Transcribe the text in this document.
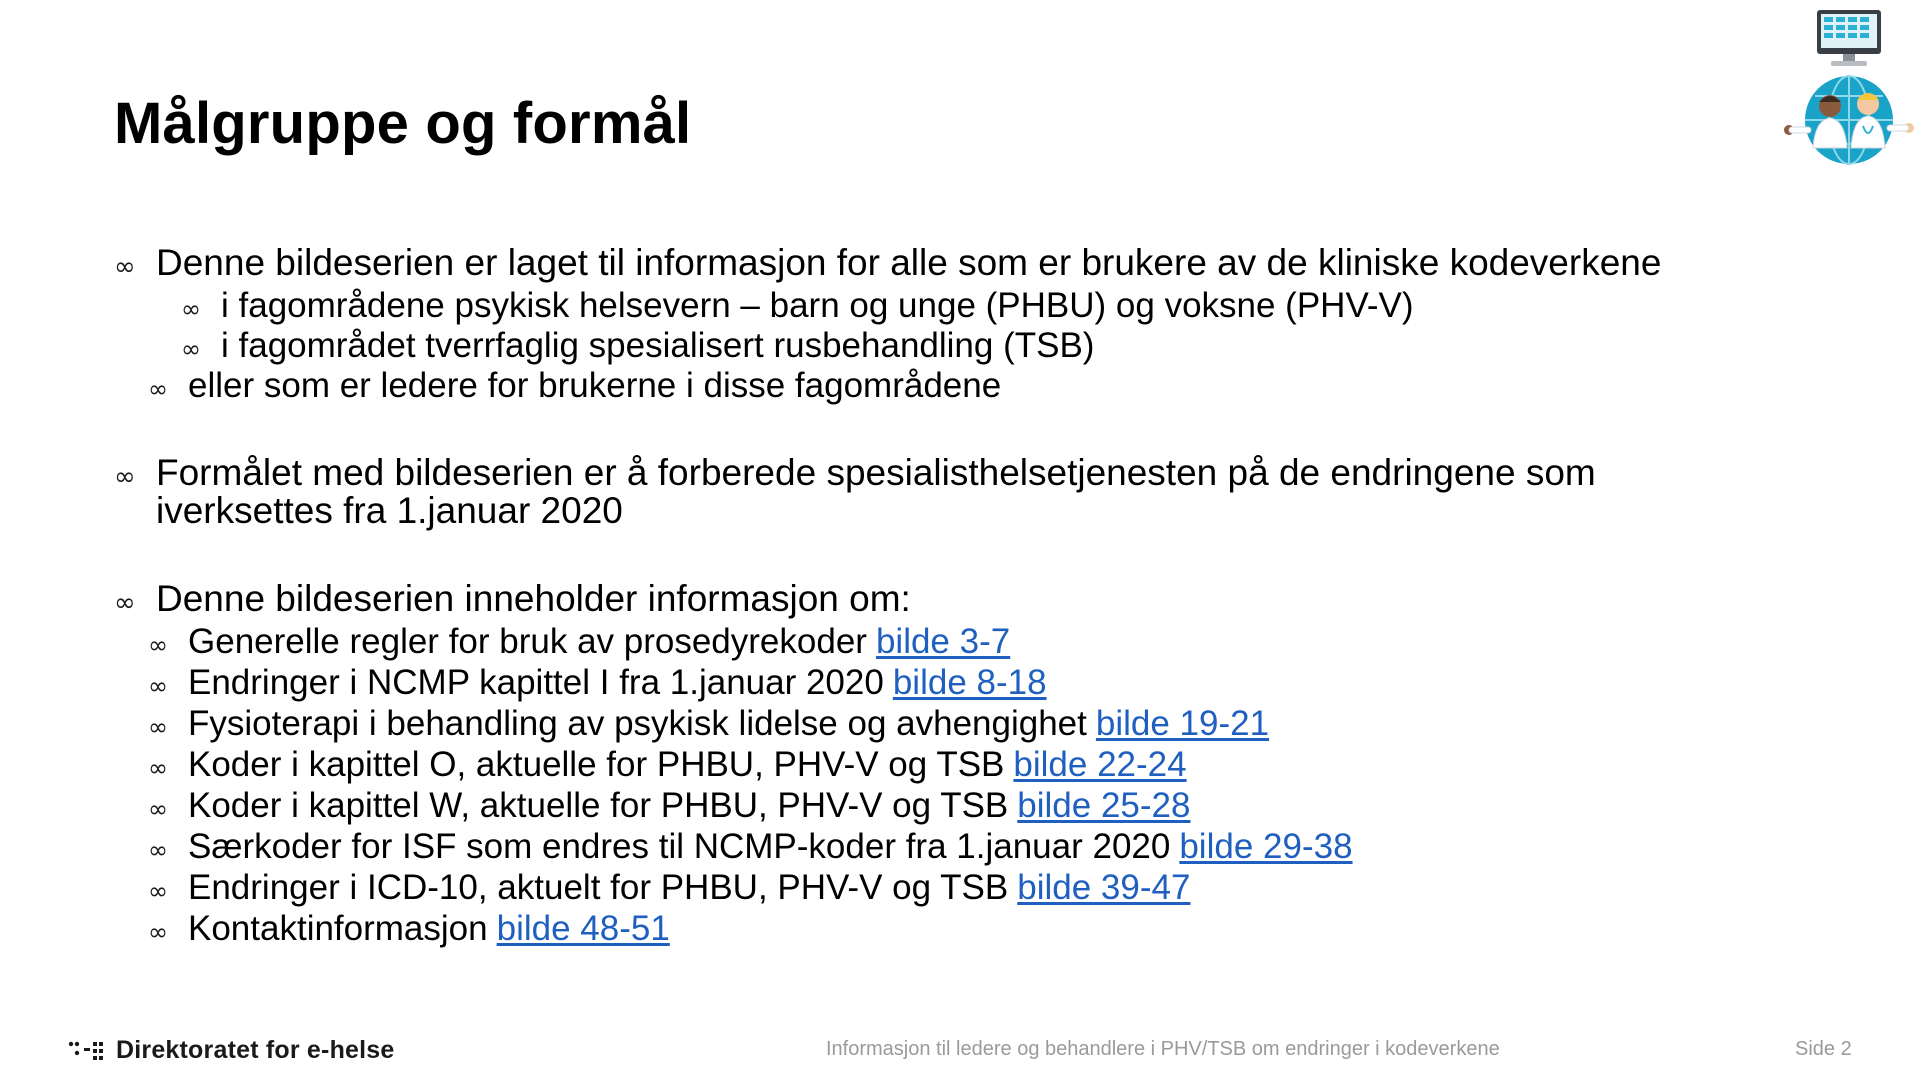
Målgruppe og formål
∞ Denne bildeserien er laget til informasjon for alle som er brukere av de kliniske kodeverkene
∞ i fagområdene psykisk helsevern – barn og unge (PHBU) og voksne (PHV-V)
∞ i fagområdet tverrfaglig spesialisert rusbehandling (TSB)
∞ eller som er ledere for brukerne i disse fagområdene
∞ Formålet med bildeserien er å forberede spesialisthelsetjenesten på de endringene som
iverksettes fra 1.januar 2020
∞ Denne bildeserien inneholder informasjon om:
∞ Generelle regler for bruk av prosedyrekoder bilde 3-7
∞ Endringer i NCMP kapittel I fra 1.januar 2020 bilde 8-18
∞ Fysioterapi i behandling av psykisk lidelse og avhengighet bilde 19-21
∞ Koder i kapittel O, aktuelle for PHBU, PHV-V og TSB bilde 22-24
∞ Koder i kapittel W, aktuelle for PHBU, PHV-V og TSB bilde 25-28
∞ Særkoder for ISF som endres til NCMP-koder fra 1.januar 2020 bilde 29-38
∞ Endringer i ICD-10, aktuelt for PHBU, PHV-V og TSB bilde 39-47
∞ Kontaktinformasjon bilde 48-51
Direktoratet for e-helse	Informasjon til ledere og behandlere i PHV/TSB om endringer i kodeverkene	Side 2
